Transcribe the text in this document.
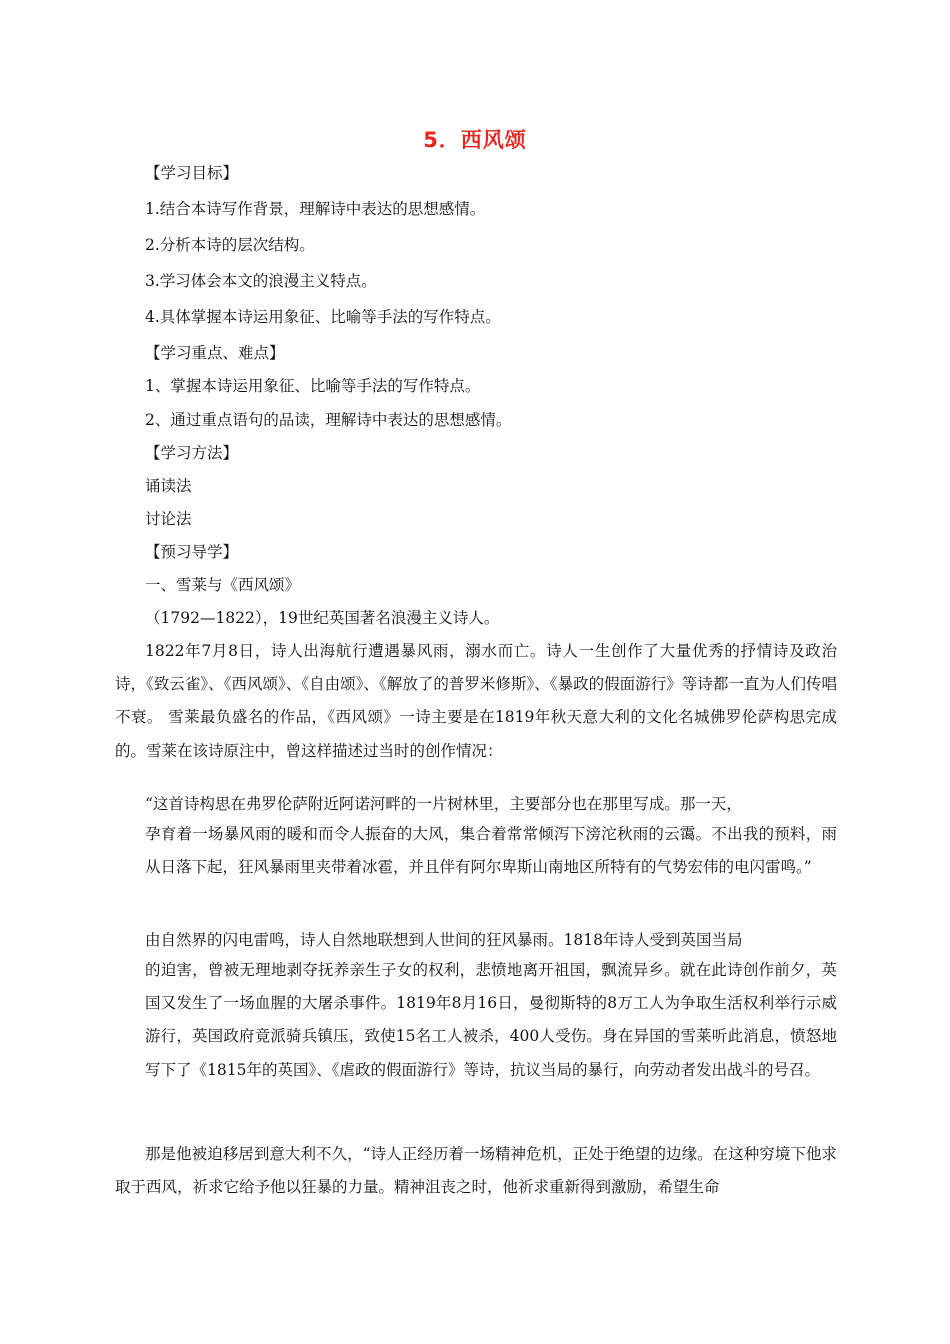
5．西风颂
【学习目标】
1.结合本诗写作背景，理解诗中表达的思想感情。
2.分析本诗的层次结构。
3.学习体会本文的浪漫主义特点。
4.具体掌握本诗运用象征、比喻等手法的写作特点。
【学习重点、难点】
1、掌握本诗运用象征、比喻等手法的写作特点。
2、通过重点语句的品读，理解诗中表达的思想感情。
【学习方法】
诵读法
讨论法
【预习导学】
一、雪莱与《西风颂》
（1792—1822），19世纪英国著名浪漫主义诗人。
1822年7月8日，诗人出海航行遭遇暴风雨，溺水而亡。诗人一生创作了大量优秀的抒情诗及政治诗，《致云雀》、《西风颂》、《自由颂》、《解放了的普罗米修斯》、《暴政的假面游行》等诗都一直为人们传唱不衰。 雪莱最负盛名的作品，《西风颂》一诗主要是在1819年秋天意大利的文化名城佛罗伦萨构思完成的。雪莱在该诗原注中，曾这样描述过当时的创作情况：
“这首诗构思在弗罗伦萨附近阿诺河畔的一片树林里，主要部分也在那里写成。那一天，
孕育着一场暴风雨的暖和而令人振奋的大风，集合着常常倾泻下滂沱秋雨的云霭。不出我的预料，雨从日落下起，狂风暴雨里夹带着冰雹，并且伴有阿尔卑斯山南地区所特有的气势宏伟的电闪雷鸣。”
由自然界的闪电雷鸣，诗人自然地联想到人世间的狂风暴雨。1818年诗人受到英国当局
的迫害，曾被无理地剥夺抚养亲生子女的权利，悲愤地离开祖国，飘流异乡。就在此诗创作前夕，英国又发生了一场血腥的大屠杀事件。1819年8月16日，曼彻斯特的8万工人为争取生活权利举行示威游行，英国政府竟派骑兵镇压，致使15名工人被杀，400人受伤。身在异国的雪莱听此消息，愤怒地写下了《1815年的英国》、《虐政的假面游行》等诗，抗议当局的暴行，向劳动者发出战斗的号召。
那是他被迫移居到意大利不久，“诗人正经历着一场精神危机，正处于绝望的边缘。在这种穷境下他求取于西风，祈求它给予他以狂暴的力量。精神沮丧之时，他祈求重新得到激励，希望生命
